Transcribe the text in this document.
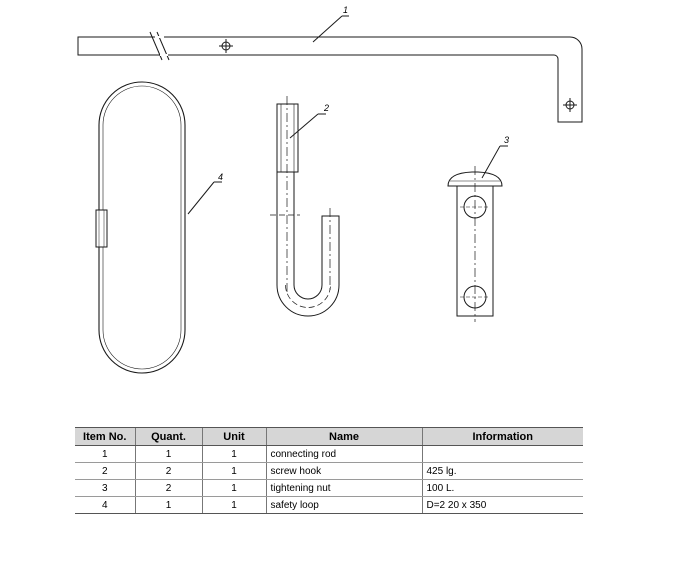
1
2
3
4
Item No.	Quant.	Unit	Name	Information
1	1	1	connecting rod	
2	2	1	screw hook	425 lg.
3	2	1	tightening nut	100 L.
4	1	1	safety loop	D=2 20 x 350
